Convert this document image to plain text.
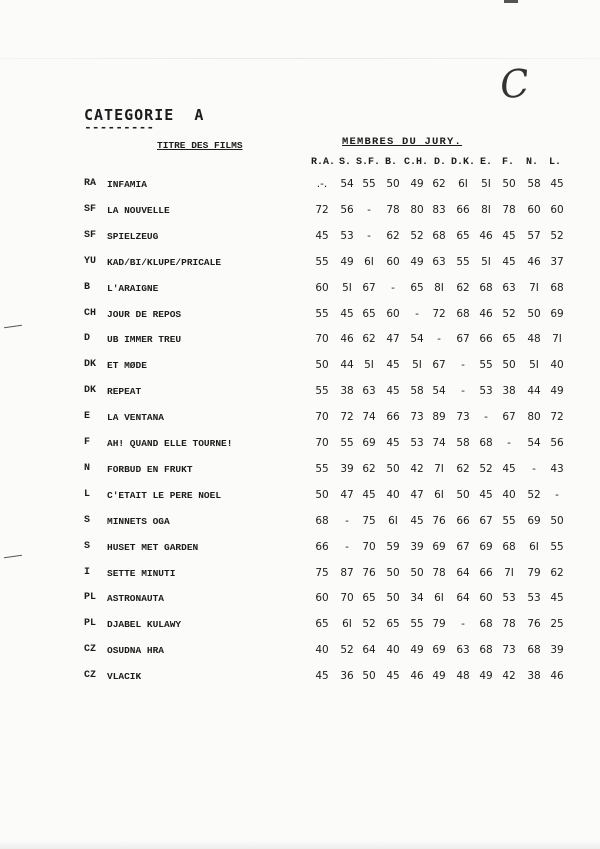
C
CATEGORIE  A
---------
TITRE DES FILMS	MEMBRES DU JURY.
R.A. S. S.F. B. C.H. D. D.K. E. F. N. L.
RA INFAMIA	.-. 54 55 50 49 62 6I 5I 50 58 45
SF LA NOUVELLE	72 56 - 78 80 83 66 8I 78 60 60
SF SPIELZEUG	45 53 - 62 52 68 65 46 45 57 52
YU KAD/BI/KLUPE/PRICALE	55 49 6I 60 49 63 55 5I 45 46 37
B L'ARAIGNE	60 5I 67 - 65 8I 62 68 63 7I 68
CH JOUR DE REPOS	55 45 65 60 - 72 68 46 52 50 69
D UB IMMER TREU	70 46 62 47 54 - 67 66 65 48 7I
DK ET MØDE	50 44 5I 45 5I 67 - 55 50 5I 40
DK REPEAT	55 38 63 45 58 54 - 53 38 44 49
E LA VENTANA	70 72 74 66 73 89 73 - 67 80 72
F AH! QUAND ELLE TOURNE!	70 55 69 45 53 74 58 68 - 54 56
N FORBUD EN FRUKT	55 39 62 50 42 7I 62 52 45 - 43
L C'ETAIT LE PERE NOEL	50 47 45 40 47 6I 50 45 40 52 -
S MINNETS OGA	68 - 75 6I 45 76 66 67 55 69 50
S HUSET MET GARDEN	66 - 70 59 39 69 67 69 68 6I 55
I SETTE MINUTI	75 87 76 50 50 78 64 66 7I 79 62
PL ASTRONAUTA	60 70 65 50 34 6I 64 60 53 53 45
PL DJABEL KULAWY	65 6I 52 65 55 79 - 68 78 76 25
CZ OSUDNA HRA	40 52 64 40 49 69 63 68 73 68 39
CZ VLACIK	45 36 50 45 46 49 48 49 42 38 46
